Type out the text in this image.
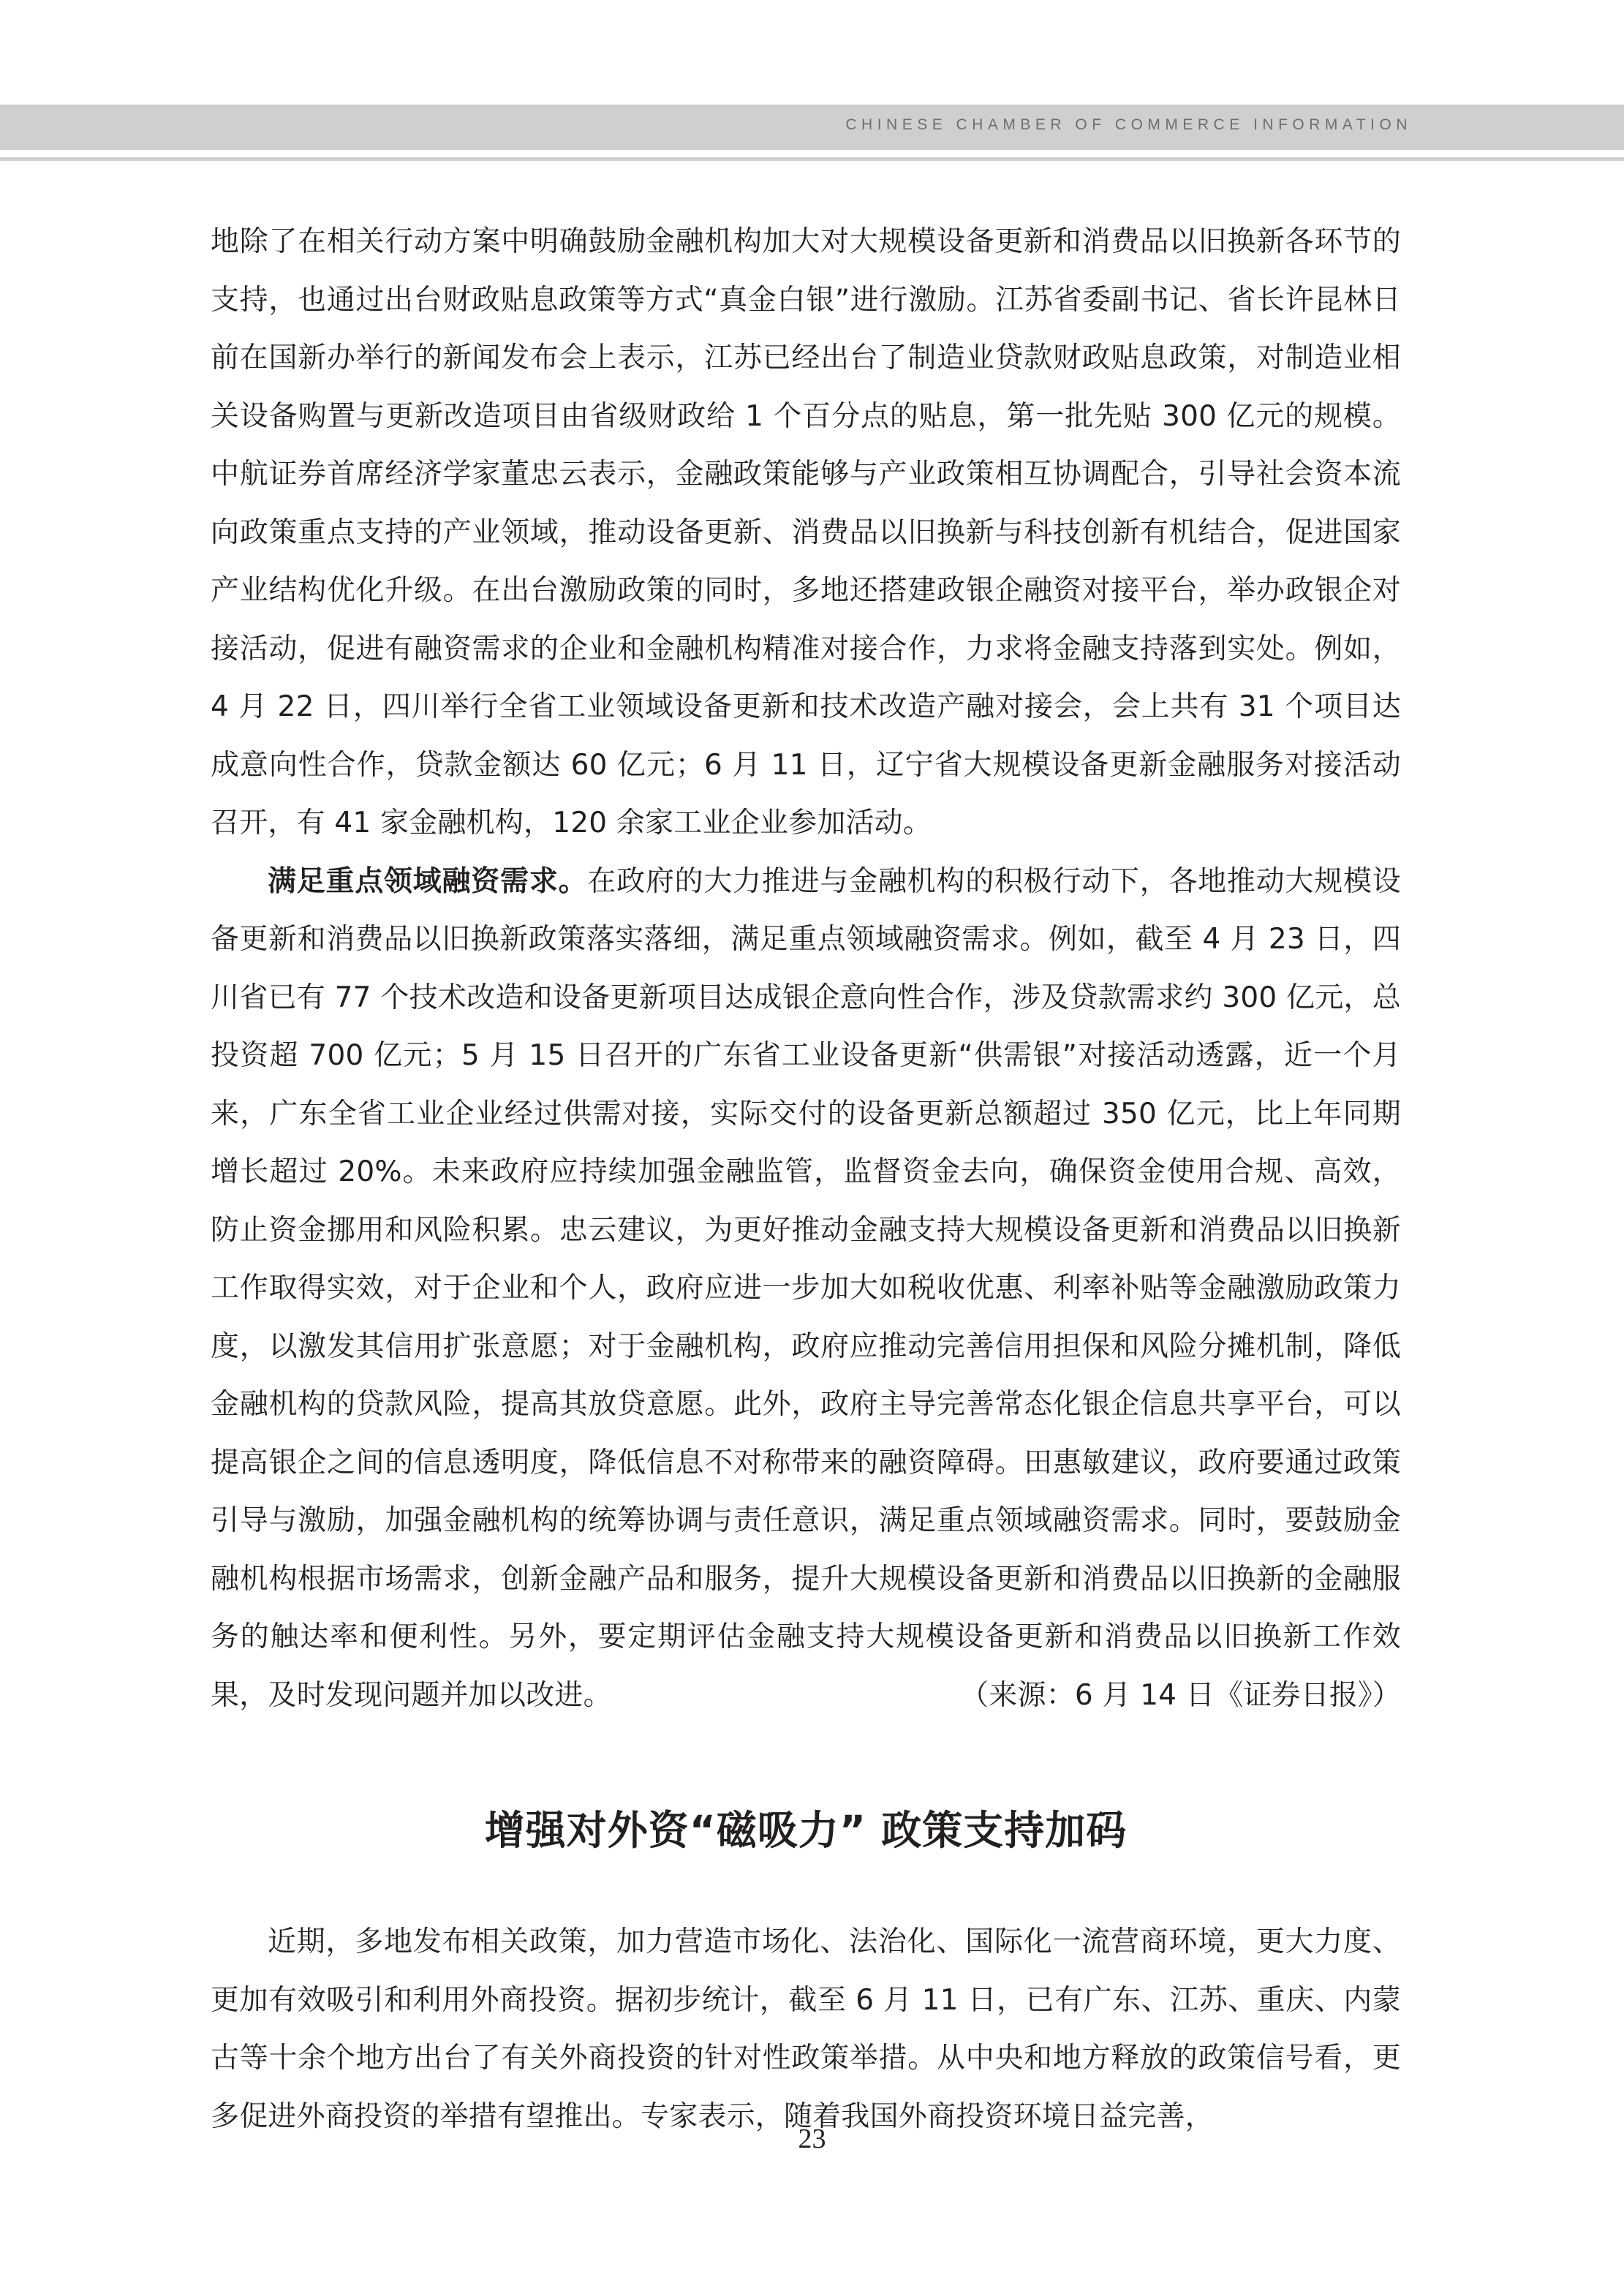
CHINESE CHAMBER OF COMMERCE INFORMATION

地除了在相关行动方案中明确鼓励金融机构加大对大规模设备更新和消费品以旧换新各环节的支持，也通过出台财政贴息政策等方式“真金白银”进行激励。江苏省委副书记、省长许昆林日前在国新办举行的新闻发布会上表示，江苏已经出台了制造业贷款财政贴息政策，对制造业相关设备购置与更新改造项目由省级财政给 1 个百分点的贴息，第一批先贴 300 亿元的规模。中航证券首席经济学家董忠云表示，金融政策能够与产业政策相互协调配合，引导社会资本流向政策重点支持的产业领域，推动设备更新、消费品以旧换新与科技创新有机结合，促进国家产业结构优化升级。在出台激励政策的同时，多地还搭建政银企融资对接平台，举办政银企对接活动，促进有融资需求的企业和金融机构精准对接合作，力求将金融支持落到实处。例如，4 月 22 日，四川举行全省工业领域设备更新和技术改造产融对接会，会上共有 31 个项目达成意向性合作，贷款金额达 60 亿元；6 月 11 日，辽宁省大规模设备更新金融服务对接活动召开，有 41 家金融机构，120 余家工业企业参加活动。

满足重点领域融资需求。在政府的大力推进与金融机构的积极行动下，各地推动大规模设备更新和消费品以旧换新政策落实落细，满足重点领域融资需求。例如，截至 4 月 23 日，四川省已有 77 个技术改造和设备更新项目达成银企意向性合作，涉及贷款需求约 300 亿元，总投资超 700 亿元；5 月 15 日召开的广东省工业设备更新“供需银”对接活动透露，近一个月来，广东全省工业企业经过供需对接，实际交付的设备更新总额超过 350 亿元，比上年同期增长超过 20%。未来政府应持续加强金融监管，监督资金去向，确保资金使用合规、高效，防止资金挪用和风险积累。忠云建议，为更好推动金融支持大规模设备更新和消费品以旧换新工作取得实效，对于企业和个人，政府应进一步加大如税收优惠、利率补贴等金融激励政策力度，以激发其信用扩张意愿；对于金融机构，政府应推动完善信用担保和风险分摊机制，降低金融机构的贷款风险，提高其放贷意愿。此外，政府主导完善常态化银企信息共享平台，可以提高银企之间的信息透明度，降低信息不对称带来的融资障碍。田惠敏建议，政府要通过政策引导与激励，加强金融机构的统筹协调与责任意识，满足重点领域融资需求。同时，要鼓励金融机构根据市场需求，创新金融产品和服务，提升大规模设备更新和消费品以旧换新的金融服务的触达率和便利性。另外，要定期评估金融支持大规模设备更新和消费品以旧换新工作效果，及时发现问题并加以改进。	（来源：6 月 14 日《证券日报》）

增强对外资“磁吸力” 政策支持加码

近期，多地发布相关政策，加力营造市场化、法治化、国际化一流营商环境，更大力度、更加有效吸引和利用外商投资。据初步统计，截至 6 月 11 日，已有广东、江苏、重庆、内蒙古等十余个地方出台了有关外商投资的针对性政策举措。从中央和地方释放的政策信号看，更多促进外商投资的举措有望推出。专家表示，随着我国外商投资环境日益完善，

23
